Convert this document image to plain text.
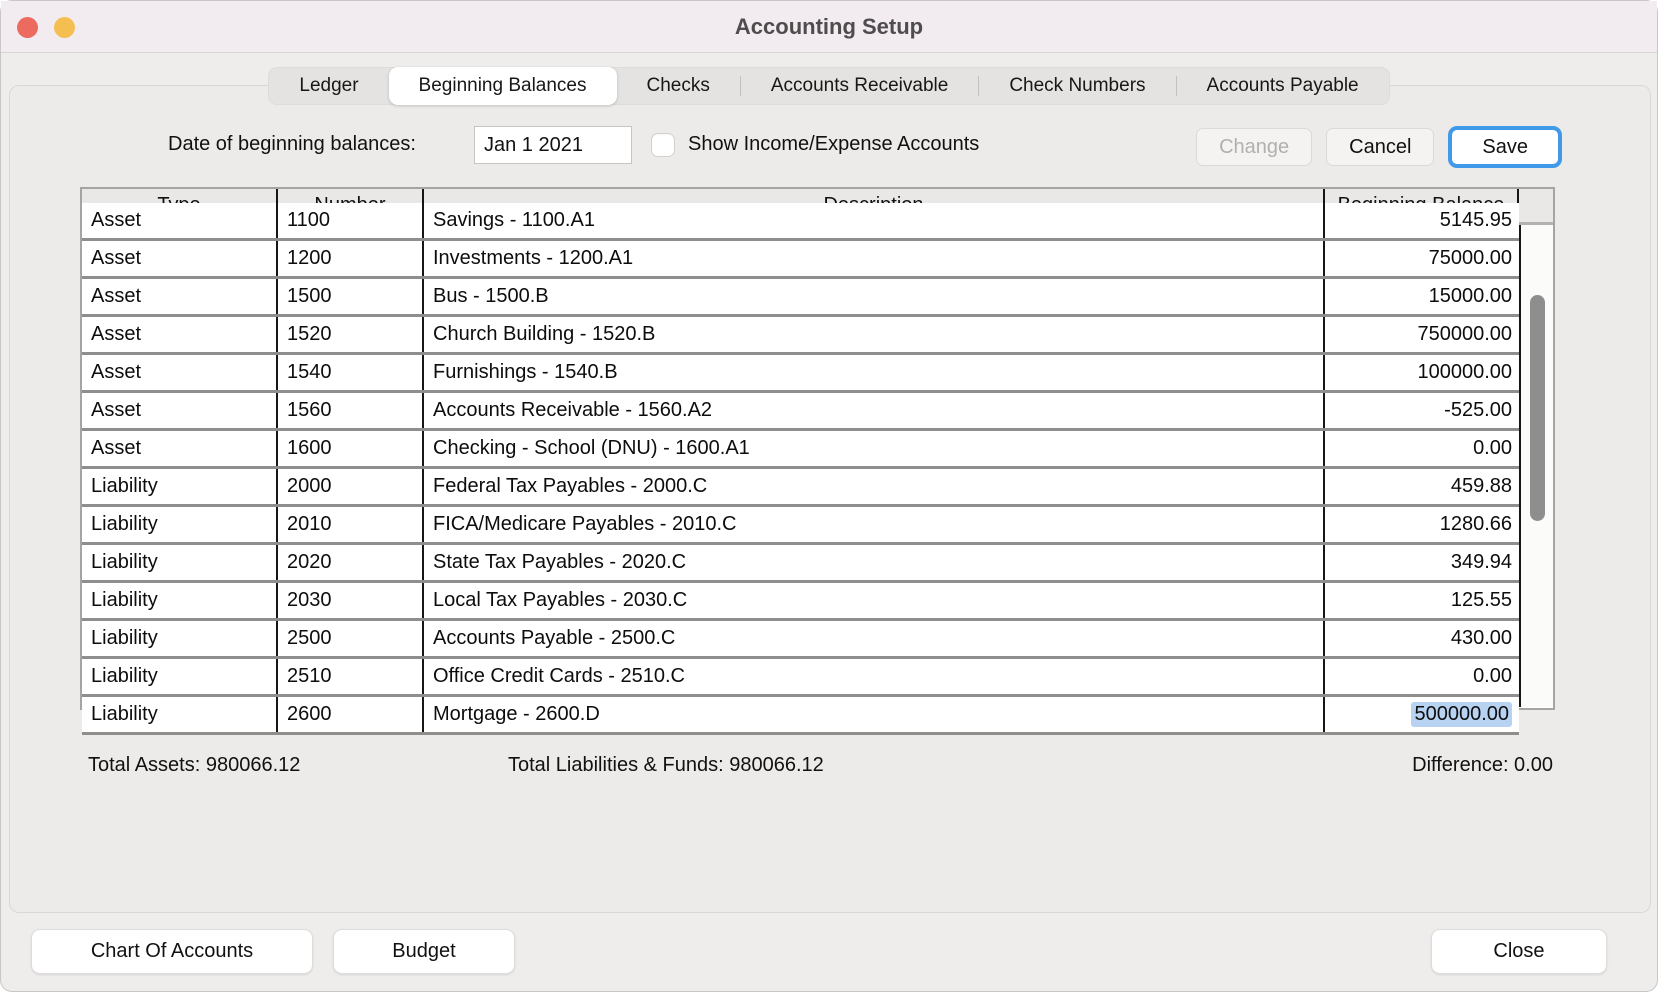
Accounting Setup
Ledger	Beginning Balances	Checks	Accounts Receivable	Check Numbers	Accounts Payable
Date of beginning balances:
Jan 1 2021	Show Income/Expense Accounts	Change	Cancel	Save
Asset	1100	Savings - 1100.A1	5145.95
Asset	1200	Investments - 1200.A1	75000.00
Asset	1500	Bus - 1500.B	15000.00
Asset	1520	Church Building - 1520.B	750000.00
Asset	1540	Furnishings - 1540.B	100000.00
Asset	1560	Accounts Receivable - 1560.A2	-525.00
Asset	1600	Checking - School (DNU) - 1600.A1	0.00
Liability	2000	Federal Tax Payables - 2000.C	459.88
Liability	2010	FICA/Medicare Payables - 2010.C	1280.66
Liability	2020	State Tax Payables - 2020.C	349.94
Liability	2030	Local Tax Payables - 2030.C	125.55
Liability	2500	Accounts Payable - 2500.C	430.00
Liability	2510	Office Credit Cards - 2510.C	0.00
Liability	2600	Mortgage - 2600.D	500000.00
Total Assets: 980066.12	Total Liabilities & Funds: 980066.12	Difference: 0.00
Chart Of Accounts	Budget	Close
